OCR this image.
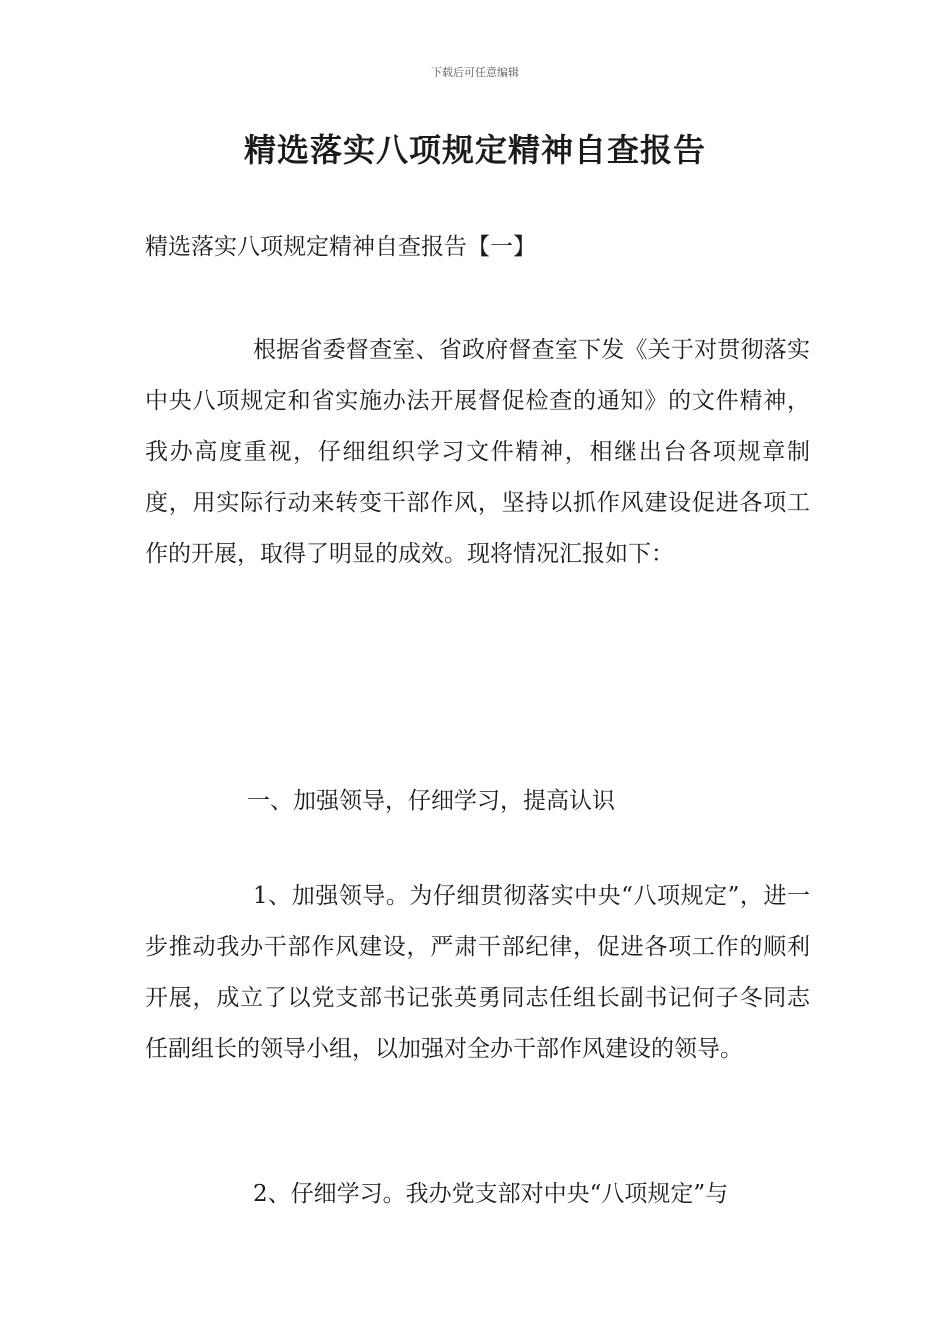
下载后可任意编辑
精选落实八项规定精神自查报告
精选落实八项规定精神自查报告【一】

根据省委督查室、省政府督查室下发《关于对贯彻落实中央八项规定和省实施办法开展督促检查的通知》的文件精神，我办高度重视，仔细组织学习文件精神，相继出台各项规章制度，用实际行动来转变干部作风，坚持以抓作风建设促进各项工作的开展，取得了明显的成效。现将情况汇报如下：

一、加强领导，仔细学习，提高认识

1、加强领导。为仔细贯彻落实中央“八项规定”，进一步推动我办干部作风建设，严肃干部纪律，促进各项工作的顺利开展，成立了以党支部书记张英勇同志任组长副书记何子冬同志任副组长的领导小组，以加强对全办干部作风建设的领导。

2、仔细学习。我办党支部对中央“八项规定”与
